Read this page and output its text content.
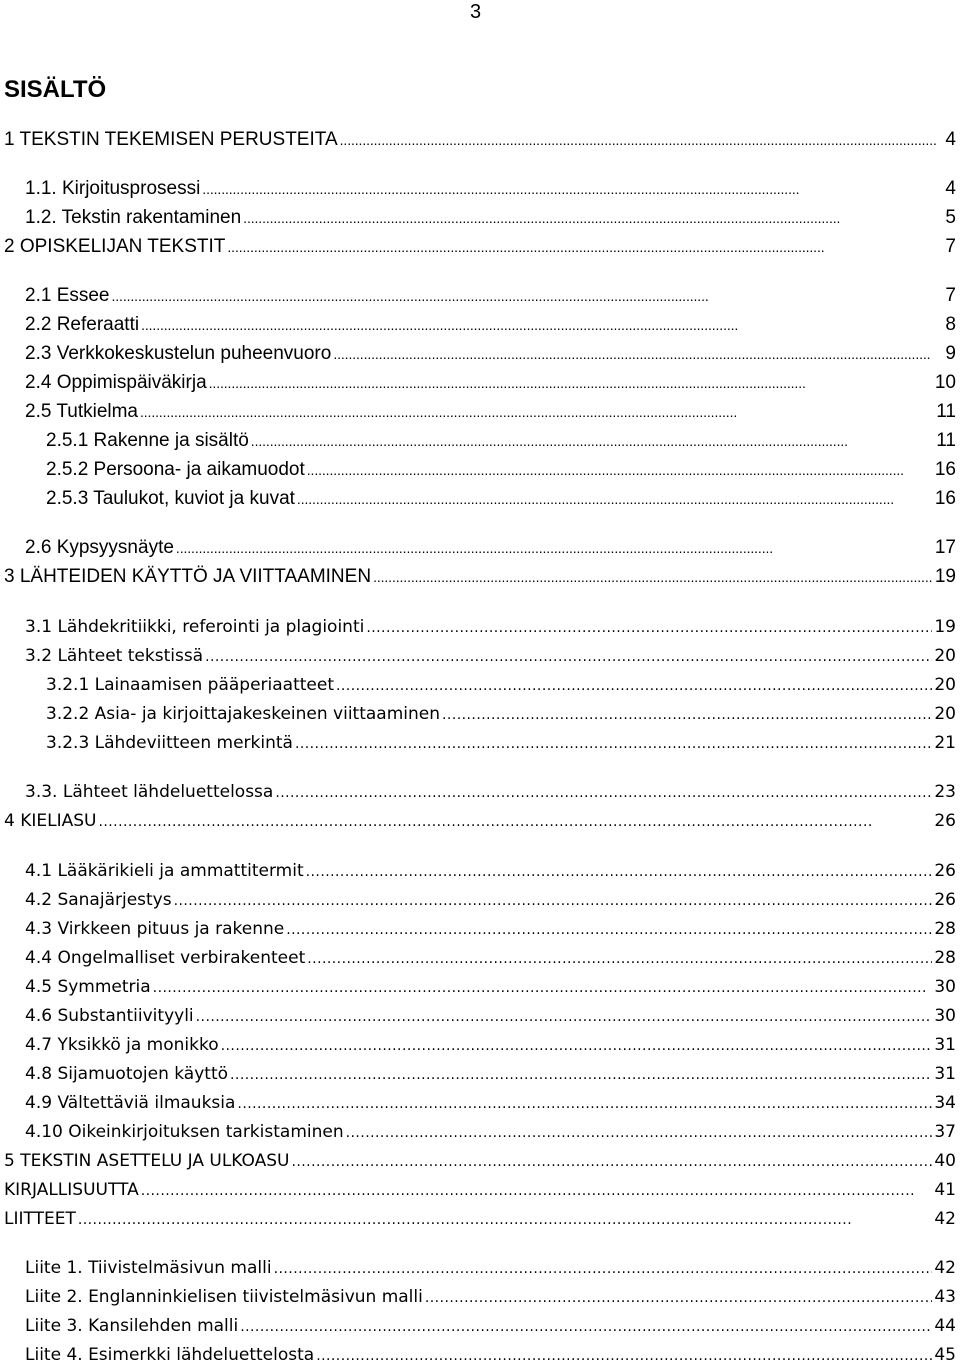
3
SISÄLTÖ
1 TEKSTIN TEKEMISEN PERUSTEITA . . .	4
1.1. Kirjoitusprosessi . . .	4
1.2. Tekstin rakentaminen . . .	5
2 OPISKELIJAN TEKSTIT . . .	7
2.1 Essee . . .	7
2.2 Referaatti . . .	8
2.3 Verkkokeskustelun puheenvuoro . . .	9
2.4 Oppimispäiväkirja . . .	10
2.5 Tutkielma . . .	11
2.5.1 Rakenne ja sisältö . . .	11
2.5.2 Persoona- ja aikamuodot . . .	16
2.5.3 Taulukot, kuviot ja kuvat . . .	16
2.6 Kypsyysnäyte . . .	17
3 LÄHTEIDEN KÄYTTÖ JA VIITTAAMINEN . . .	19
3.1 Lähdekritiikki, referointi ja plagiointi . . .	19
3.2 Lähteet tekstissä . . .	20
3.2.1 Lainaamisen pääperiaatteet . . .	20
3.2.2 Asia- ja kirjoittajakeskeinen viittaaminen . . .	20
3.2.3 Lähdeviitteen merkintä . . .	21
3.3. Lähteet lähdeluettelossa . . .	23
4 KIELIASU . . .	26
4.1 Lääkärikieli ja ammattitermit . . .	26
4.2 Sanajärjestys . . .	26
4.3 Virkkeen pituus ja rakenne . . .	28
4.4 Ongelmalliset verbirakenteet . . .	28
4.5 Symmetria . . .	30
4.6 Substantiivityyli . . .	30
4.7 Yksikkö ja monikko . . .	31
4.8 Sijamuotojen käyttö . . .	31
4.9 Vältettäviä ilmauksia . . .	34
4.10 Oikeinkirjoituksen tarkistaminen . . .	37
5 TEKSTIN ASETTELU JA ULKOASU . . .	40
KIRJALLISUUTTA . . .	41
LIITTEET . . .	42
Liite 1. Tiivistelmäsivun malli . . .	42
Liite 2. Englanninkielisen tiivistelmäsivun malli . . .	43
Liite 3. Kansilehden malli . . .	44
Liite 4. Esimerkki lähdeluettelosta . . .	45
